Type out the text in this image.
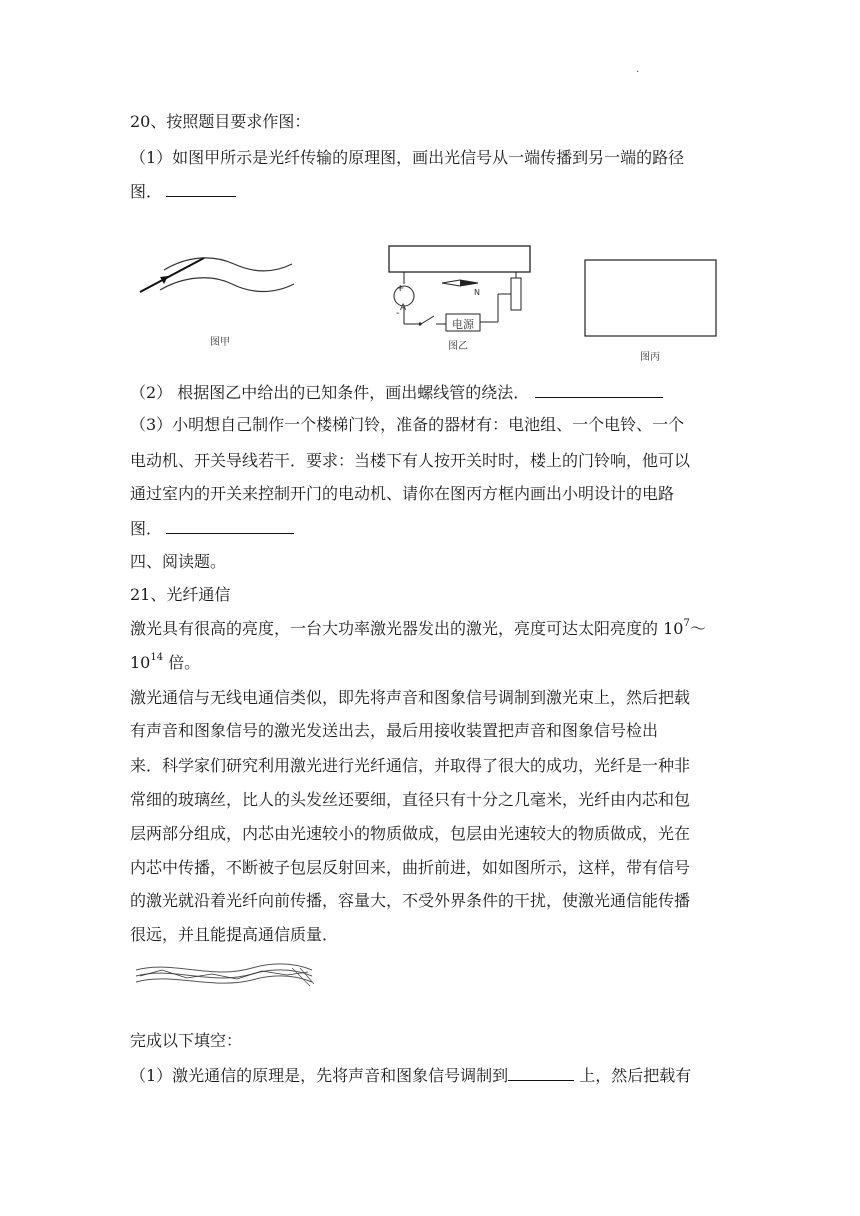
.
20、按照题目要求作图：
（1）如图甲所示是光纤传输的原理图，画出光信号从一端传播到另一端的路径
图．
图甲
A
+
-
N
电源
图乙
图丙
（2） 根据图乙中给出的已知条件，画出螺线管的绕法．
（3）小明想自己制作一个楼梯门铃，准备的器材有：电池组、一个电铃、一个
电动机、开关导线若干．要求：当楼下有人按开关时时，楼上的门铃响，他可以
通过室内的开关来控制开门的电动机、请你在图丙方框内画出小明设计的电路
图．
四、阅读题。
21、光纤通信
激光具有很高的亮度，一台大功率激光器发出的激光，亮度可达太阳亮度的 $10^7\sim$
$10^{14}$ 倍。
激光通信与无线电通信类似，即先将声音和图象信号调制到激光束上，然后把载
有声音和图象信号的激光发送出去，最后用接收装置把声音和图象信号检出
来．科学家们研究利用激光进行光纤通信，并取得了很大的成功，光纤是一种非
常细的玻璃丝，比人的头发丝还要细，直径只有十分之几毫米，光纤由内芯和包
层两部分组成，内芯由光速较小的物质做成，包层由光速较大的物质做成，光在
内芯中传播，不断被子包层反射回来，曲折前进，如如图所示，这样，带有信号
的激光就沿着光纤向前传播，容量大，不受外界条件的干扰，使激光通信能传播
很远，并且能提高通信质量．
完成以下填空：
（1）激光通信的原理是，先将声音和图象信号调制到	上，然后把载有
